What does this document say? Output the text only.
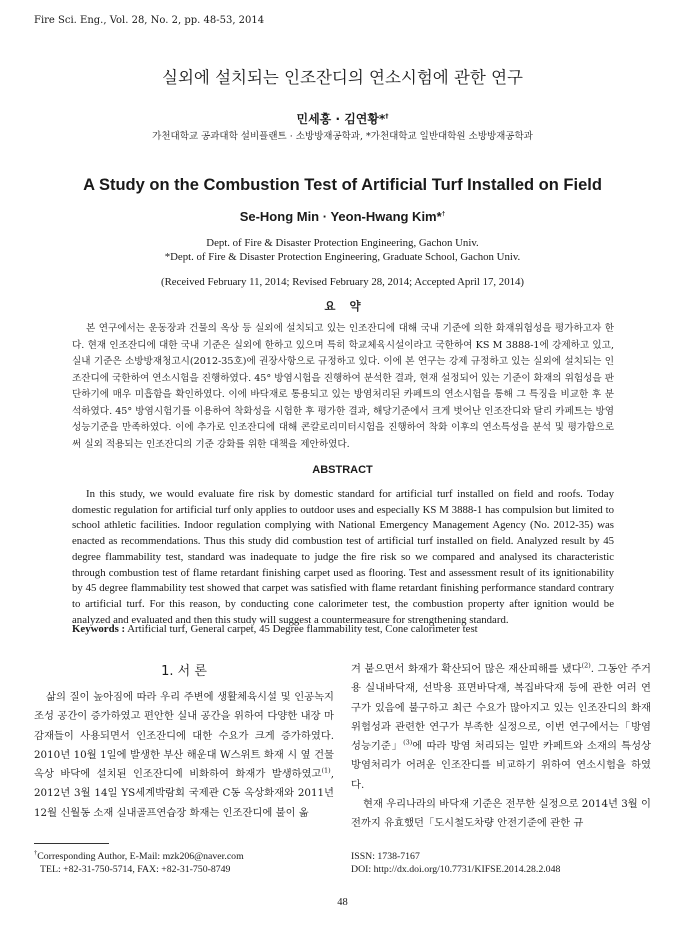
Fire Sci. Eng., Vol. 28, No. 2, pp. 48-53, 2014
실외에 설치되는 인조잔디의 연소시험에 관한 연구
민세홍 · 김연황*†
가천대학교 공과대학 설비플랜트 · 소방방재공학과, *가천대학교 일반대학원 소방방재공학과
A Study on the Combustion Test of Artificial Turf Installed on Field
Se-Hong Min · Yeon-Hwang Kim*†
Dept. of Fire & Disaster Protection Engineering, Gachon Univ.
*Dept. of Fire & Disaster Protection Engineering, Graduate School, Gachon Univ.
(Received February 11, 2014; Revised February 28, 2014; Accepted April 17, 2014)
요약
본 연구에서는 운동장과 건물의 옥상 등 실외에 설치되고 있는 인조잔디에 대해 국내 기준에 의한 화재위험성을 평가하고자 한다. 현재 인조잔디에 대한 국내 기준은 실외에 한하고 있으며 특히 학교체육시설이라고 국한하여 KS M 3888-1에 강제하고 있고, 실내 기준은 소방방재청고시(2012-35호)에 권장사항으로 규정하고 있다. 이에 본 연구는 강제 규정하고 있는 실외에 설치되는 인조잔디에 국한하여 연소시험을 진행하였다. 45° 방염시험을 진행하여 분석한 결과, 현재 설정되어 있는 기준이 화재의 위험성을 판단하기에 매우 미흡함을 확인하였다. 이에 바닥재로 통용되고 있는 방염처리된 카페트의 연소시험을 통해 그 특징을 비교한 후 분석하였다. 45° 방염시험기를 이용하여 착화성을 시험한 후 평가한 결과, 해당기준에서 크게 벗어난 인조잔디와 달리 카페트는 방염성능기준을 만족하였다. 이에 추가로 인조잔디에 대해 콘칼로리미터시험을 진행하여 착화 이후의 연소특성을 분석 및 평가함으로써 실외 적용되는 인조잔디의 기준 강화를 위한 대책을 제안하였다.
ABSTRACT
In this study, we would evaluate fire risk by domestic standard for artificial turf installed on field and roofs. Today domestic regulation for artificial turf only applies to outdoor uses and especially KS M 3888-1 has compulsion but limited to school athletic facilities. Indoor regulation complying with National Emergency Management Agency (No. 2012-35) was enacted as recommendations. Thus this study did combustion test of artificial turf installed on field. Analyzed result by 45 degree flammability test, standard was inadequate to judge the fire risk so we compared and analysed its characteristic through combustion test of flame retardant finishing carpet used as flooring. Test and assessment result of its ignitionability by 45 degree flammability test showed that carpet was satisfied with flame retardant finishing performance standard contrary to artificial turf. For this reason, by conducting cone calorimeter test, the combustion property after ignition would be analyzed and evaluated and then this study will suggest a countermeasure for strengthening standard.
Keywords : Artificial turf, General carpet, 45 Degree flammability test, Cone calorimeter test
1. 서 론
삶의 질이 높아짐에 따라 우리 주변에 생활체육시설 및 인공녹지조성 공간이 증가하였고 편안한 실내 공간을 위하여 다양한 내장 마감재들이 사용되면서 인조잔디에 대한 수요가 크게 증가하였다. 2010년 10월 1일에 발생한 부산 해운대 W스위트 화재 시 옆 건물 옥상 바닥에 설치된 인조잔디에 비화하여 화재가 발생하였고$^{(1)}$, 2012년 3월 14일 YS세계박람회 국제관 C동 옥상화재와 2011년 12월 신월동 소재 실내골프연습장 화재는 인조잔디에 불이 옮

겨 붙으면서 화재가 확산되어 많은 재산피해를 냈다$^{(2)}$. 그동안 주거용 실내바닥재, 선박용 표면바닥재, 복집바닥재 등에 관한 여러 연구가 있음에 불구하고 최근 수요가 많아지고 있는 인조잔디의 화재위험성과 관련한 연구가 부족한 실정으로, 이번 연구에서는「방염성능기준」$^{(3)}$에 따라 방염 처리되는 일반 카페트와 소재의 특성상 방염처리가 어려운 인조잔디를 비교하기 위하여 연소시험을 하였다.

현재 우리나라의 바닥재 기준은 전무한 실정으로 2014년 3월 이전까지 유효했던「도시철도차량 안전기준에 관한 규

†Corresponding Author, E-Mail: mzk206@naver.com
TEL: +82-31-750-5714, FAX: +82-31-750-8749
ISSN: 1738-7167
DOI: http://dx.doi.org/10.7731/KIFSE.2014.28.2.048
48
